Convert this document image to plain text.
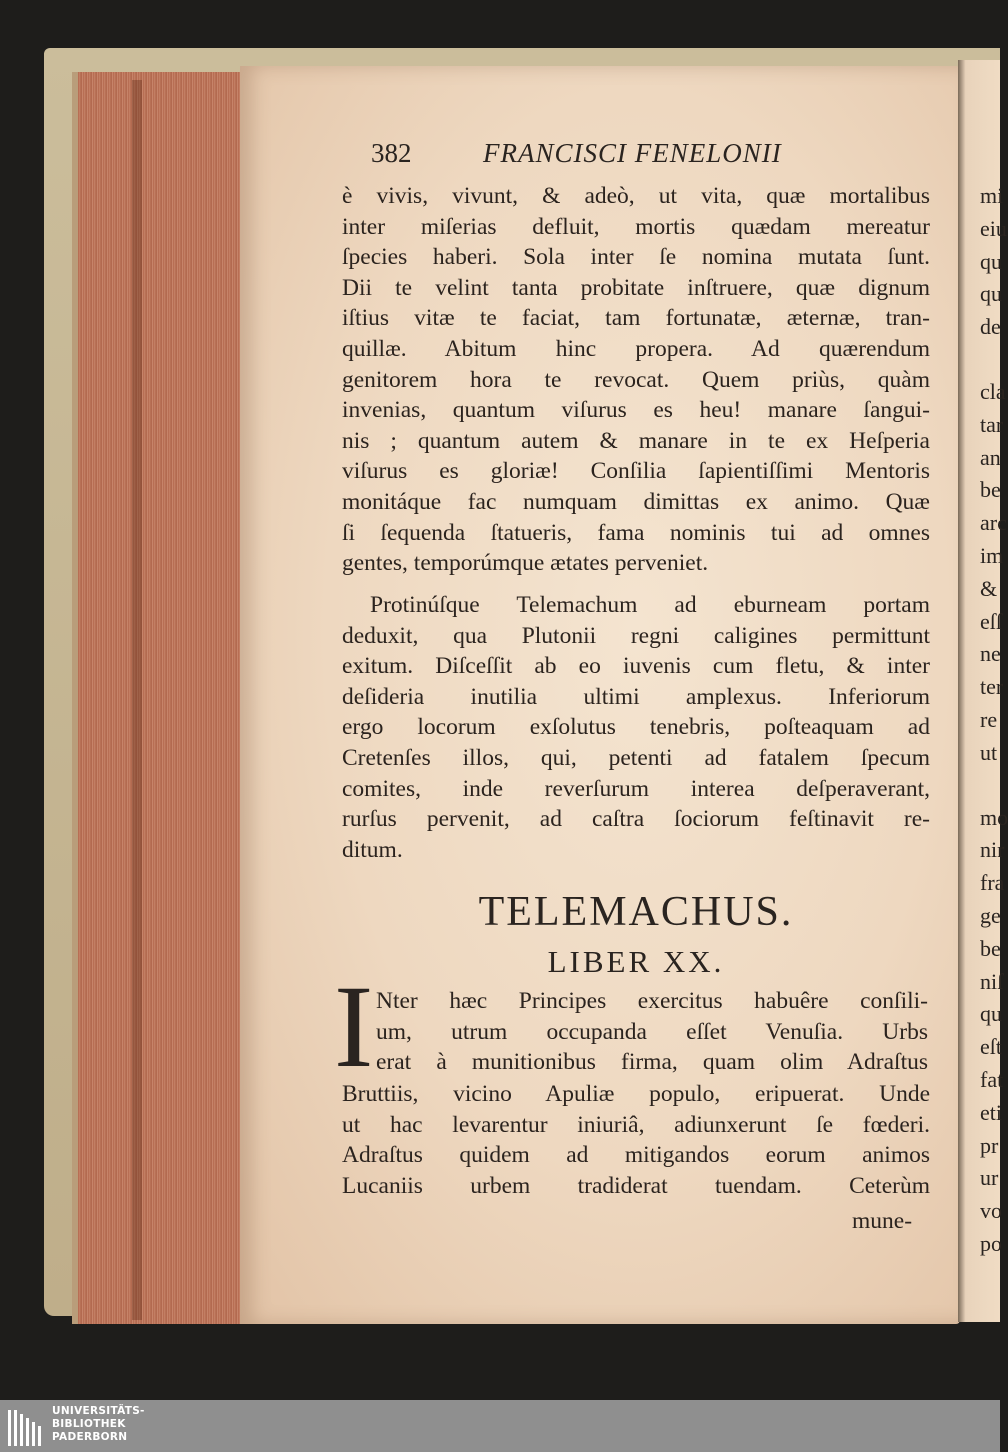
mi
eiu
qu
qu
de
cla
tar
an
be
arc
im
&
eſſ
ne
ter
re
ut
mo
nir
fra
ge
be
niſ
qu
eſt
fat
eti
pr
ur
vo
po
382	FRANCISCI FENELONII

è vivis, vivunt, & adeò, ut vita, quæ mortalibus

inter miſerias defluit, mortis quædam mereatur

ſpecies haberi. Sola inter ſe nomina mutata ſunt.

Dii te velint tanta probitate inſtruere, quæ dignum

iſtius vitæ te faciat, tam fortunatæ, æternæ, tran-

quillæ. Abitum hinc propera. Ad quærendum

genitorem hora te revocat. Quem priùs, quàm

invenias, quantum viſurus es heu! manare ſangui-

nis ; quantum autem & manare in te ex Heſperia

viſurus es gloriæ! Conſilia ſapientiſſimi Mentoris

monitáque fac numquam dimittas ex animo. Quæ

ſi ſequenda ſtatueris, fama nominis tui ad omnes

gentes, temporúmque ætates perveniet.

Protinúſque Telemachum ad eburneam portam

deduxit, qua Plutonii regni caligines permittunt

exitum. Diſceſſit ab eo iuvenis cum fletu, & inter

deſideria inutilia ultimi amplexus. Inferiorum

ergo locorum exſolutus tenebris, poſteaquam ad

Cretenſes illos, qui, petenti ad fatalem ſpecum

comites, inde reverſurum interea deſperaverant,

rurſus pervenit, ad caſtra ſociorum feſtinavit re-

ditum.

TELEMACHUS.
LIBER XX.
I Nter hæc Principes exercitus habuêre conſili-

um, utrum occupanda eſſet Venuſia. Urbs

erat à munitionibus firma, quam olim Adraſtus

Bruttiis, vicino Apuliæ populo, eripuerat. Unde

ut hac levarentur iniuriâ, adiunxerunt ſe fœderi.

Adraſtus quidem ad mitigandos eorum animos

Lucaniis urbem tradiderat tuendam. Ceterùm

mune-
UNIVERSITÄTS-
BIBLIOTHEK
PADERBORN
